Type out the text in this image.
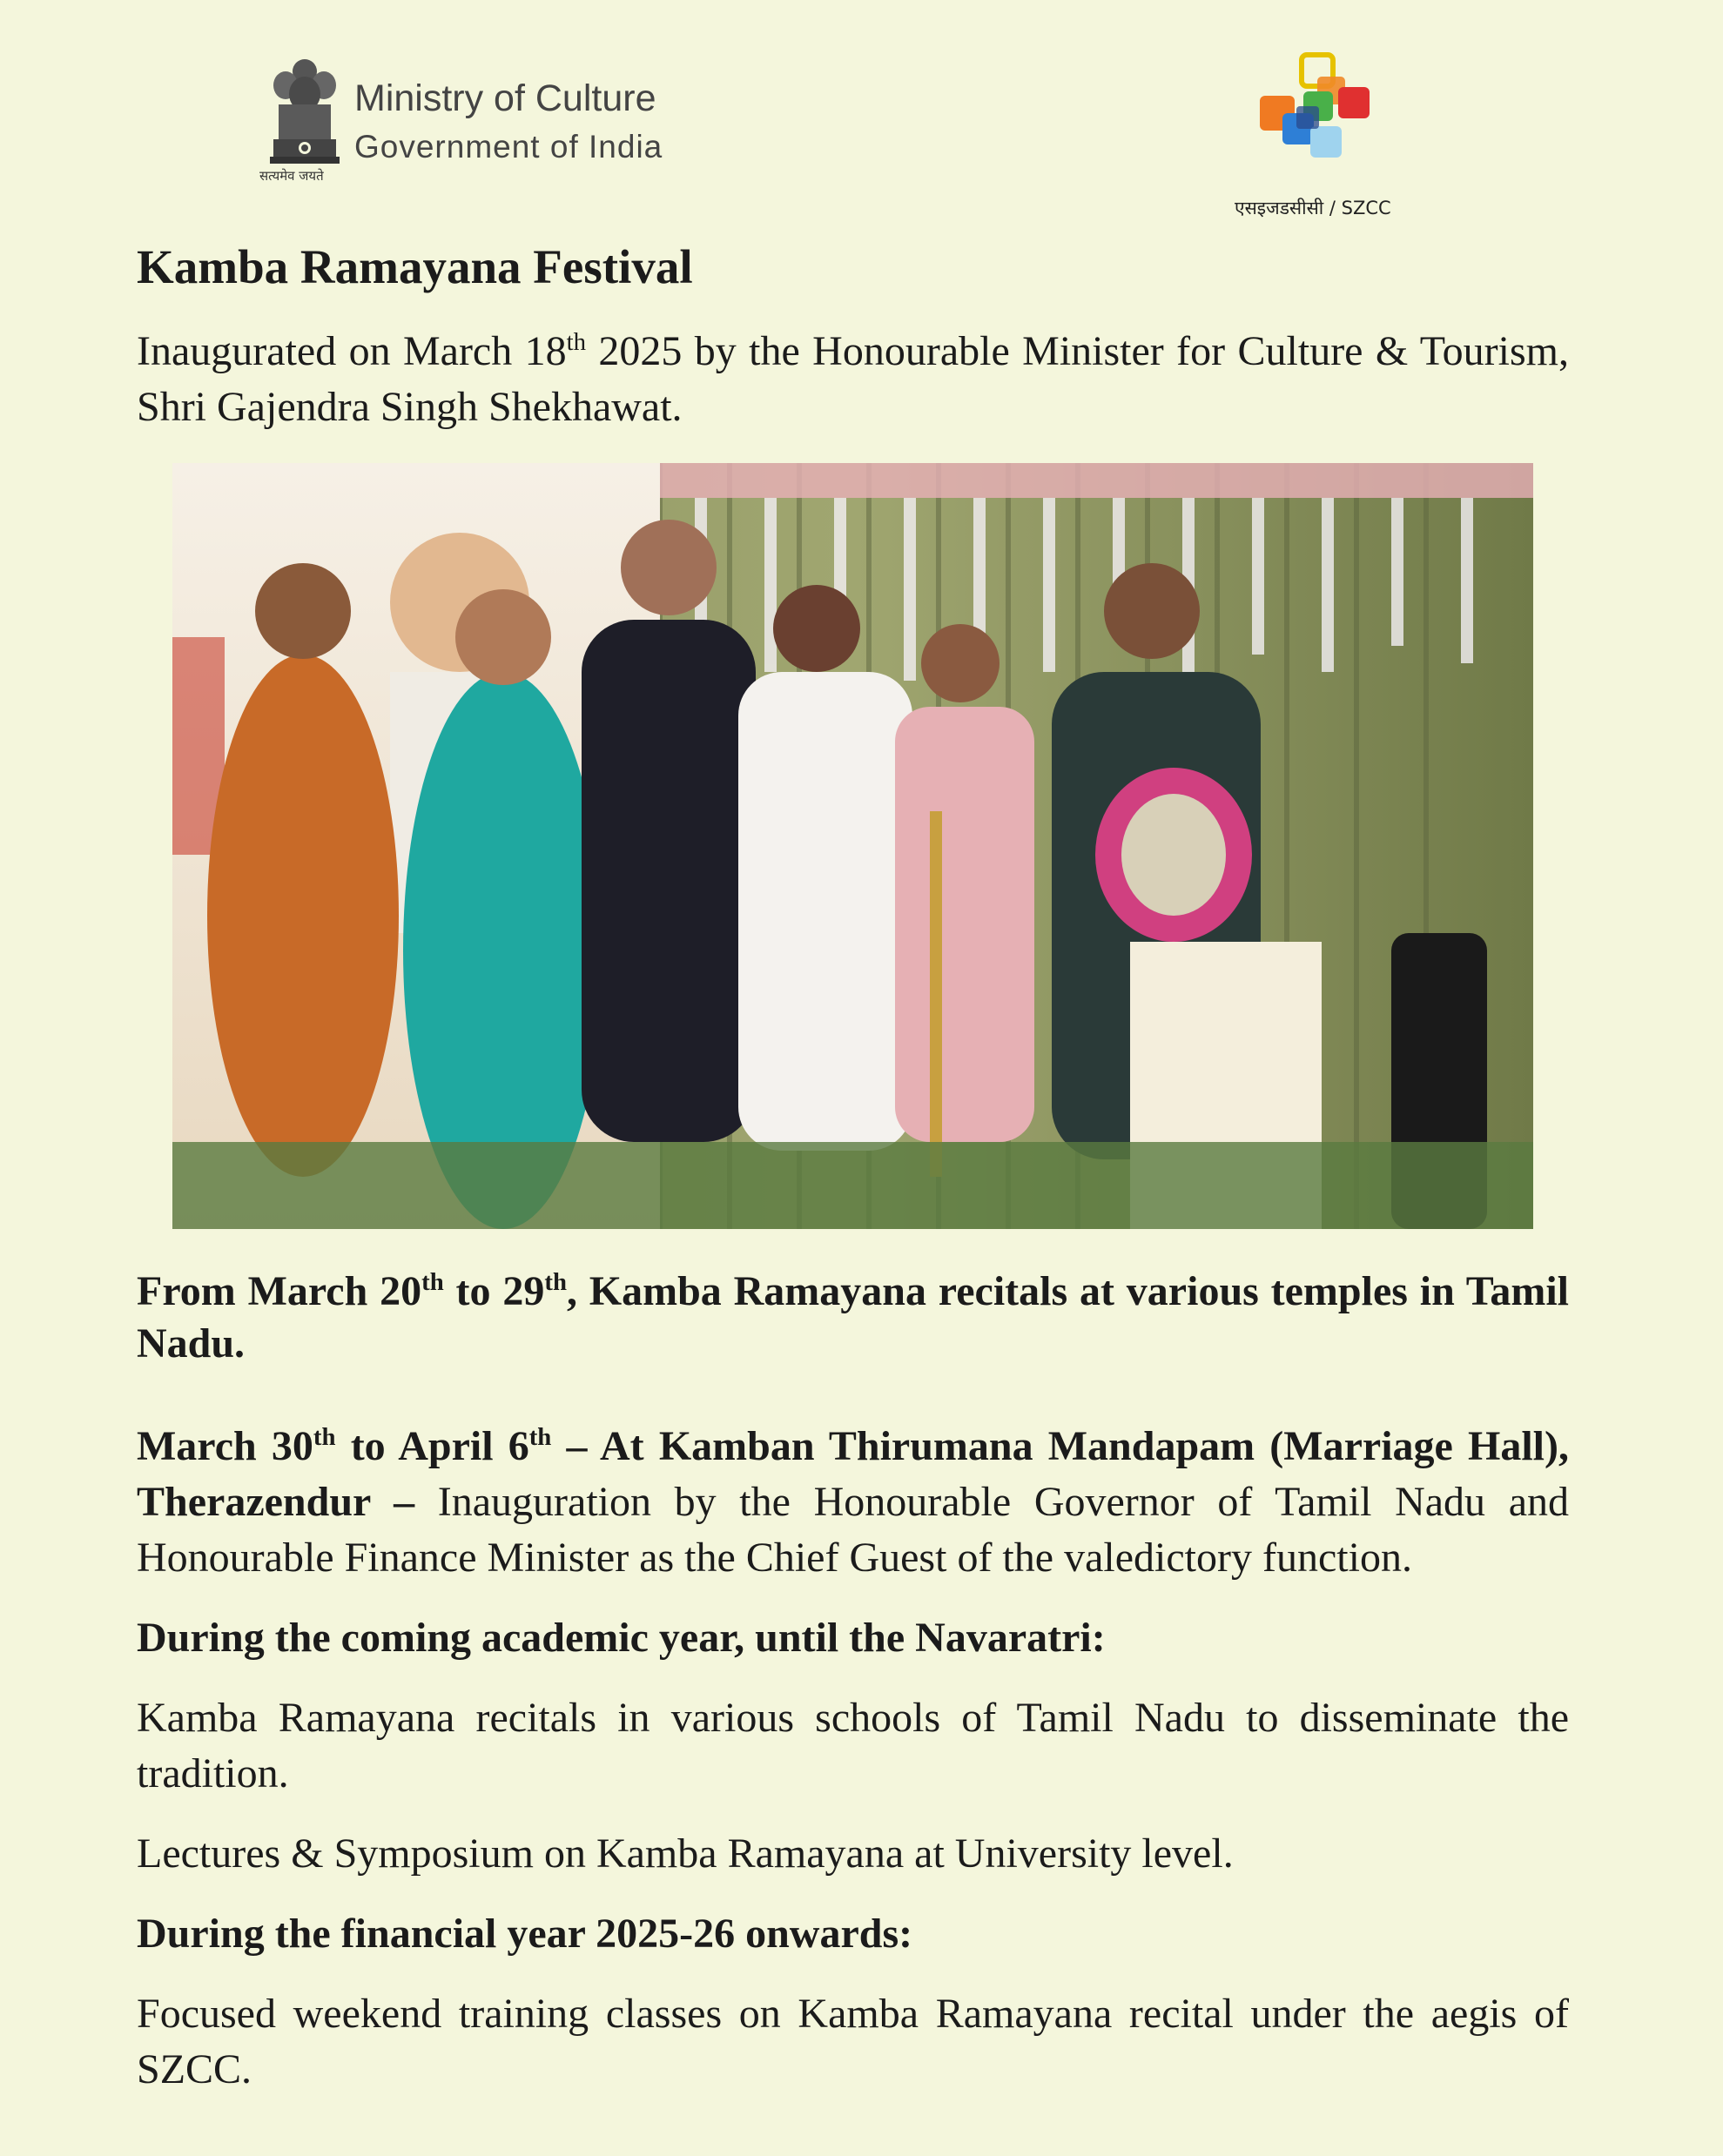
सत्यमेव जयते
Ministry of Culture
Government of India
एसइजडसीसी / SZCC
Kamba Ramayana Festival

Inaugurated on March 18th 2025 by the Honourable Minister for Culture & Tourism, Shri Gajendra Singh Shekhawat.

From March 20th to 29th, Kamba Ramayana recitals at various temples in Tamil Nadu.

March 30th to April 6th – At Kamban Thirumana Mandapam (Marriage Hall), Therazendur – Inauguration by the Honourable Governor of Tamil Nadu and Honourable Finance Minister as the Chief Guest of the valedictory function.

During the coming academic year, until the Navaratri:

Kamba Ramayana recitals in various schools of Tamil Nadu to disseminate the tradition.

Lectures & Symposium on Kamba Ramayana at University level.

During the financial year 2025-26 onwards:

Focused weekend training classes on Kamba Ramayana recital under the aegis of SZCC.
